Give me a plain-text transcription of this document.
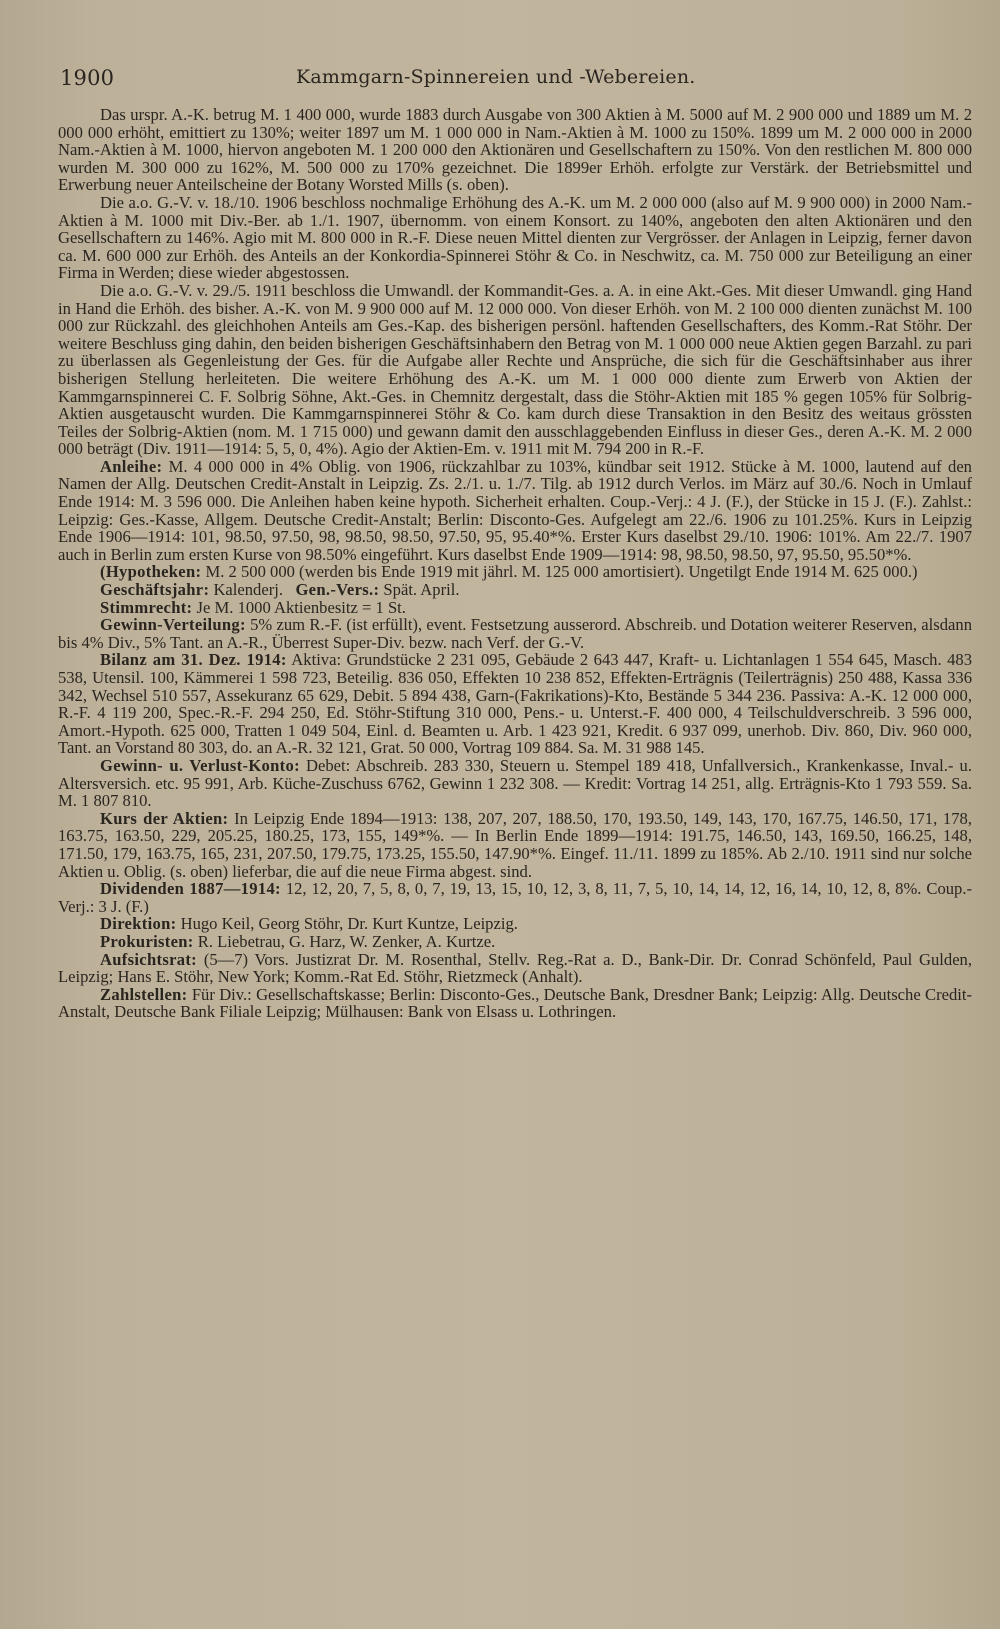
1900	Kammgarn-Spinnereien und -Webereien.

Das urspr. A.-K. betrug M. 1 400 000, wurde 1883 durch Ausgabe von 300 Aktien à M. 5000 auf M. 2 900 000 und 1889 um M. 2 000 000 erhöht, emittiert zu 130%; weiter 1897 um M. 1 000 000 in Nam.-Aktien à M. 1000 zu 150%. 1899 um M. 2 000 000 in 2000 Nam.-Aktien à M. 1000, hiervon angeboten M. 1 200 000 den Aktionären und Gesellschaftern zu 150%. Von den restlichen M. 800 000 wurden M. 300 000 zu 162%, M. 500 000 zu 170% gezeichnet. Die 1899er Erhöh. erfolgte zur Verstärk. der Betriebsmittel und Erwerbung neuer Anteilscheine der Botany Worsted Mills (s. oben).

Die a.o. G.-V. v. 18./10. 1906 beschloss nochmalige Erhöhung des A.-K. um M. 2 000 000 (also auf M. 9 900 000) in 2000 Nam.-Aktien à M. 1000 mit Div.-Ber. ab 1./1. 1907, übernomm. von einem Konsort. zu 140%, angeboten den alten Aktionären und den Gesellschaftern zu 146%. Agio mit M. 800 000 in R.-F. Diese neuen Mittel dienten zur Vergrösser. der Anlagen in Leipzig, ferner davon ca. M. 600 000 zur Erhöh. des Anteils an der Konkordia-Spinnerei Stöhr & Co. in Neschwitz, ca. M. 750 000 zur Beteiligung an einer Firma in Werden; diese wieder abgestossen.

Die a.o. G.-V. v. 29./5. 1911 beschloss die Umwandl. der Kommandit-Ges. a. A. in eine Akt.-Ges. Mit dieser Umwandl. ging Hand in Hand die Erhöh. des bisher. A.-K. von M. 9 900 000 auf M. 12 000 000. Von dieser Erhöh. von M. 2 100 000 dienten zunächst M. 100 000 zur Rückzahl. des gleichhohen Anteils am Ges.-Kap. des bisherigen persönl. haftenden Gesellschafters, des Komm.-Rat Stöhr. Der weitere Beschluss ging dahin, den beiden bisherigen Geschäftsinhabern den Betrag von M. 1 000 000 neue Aktien gegen Barzahl. zu pari zu überlassen als Gegenleistung der Ges. für die Aufgabe aller Rechte und Ansprüche, die sich für die Geschäftsinhaber aus ihrer bisherigen Stellung herleiteten. Die weitere Erhöhung des A.-K. um M. 1 000 000 diente zum Erwerb von Aktien der Kammgarnspinnerei C. F. Solbrig Söhne, Akt.-Ges. in Chemnitz dergestalt, dass die Stöhr-Aktien mit 185 % gegen 105% für Solbrig-Aktien ausgetauscht wurden. Die Kammgarnspinnerei Stöhr & Co. kam durch diese Transaktion in den Besitz des weitaus grössten Teiles der Solbrig-Aktien (nom. M. 1 715 000) und gewann damit den ausschlaggebenden Einfluss in dieser Ges., deren A.-K. M. 2 000 000 beträgt (Div. 1911—1914: 5, 5, 0, 4%). Agio der Aktien-Em. v. 1911 mit M. 794 200 in R.-F.

Anleihe: M. 4 000 000 in 4% Oblig. von 1906, rückzahlbar zu 103%, kündbar seit 1912. Stücke à M. 1000, lautend auf den Namen der Allg. Deutschen Credit-Anstalt in Leipzig. Zs. 2./1. u. 1./7. Tilg. ab 1912 durch Verlos. im März auf 30./6. Noch in Umlauf Ende 1914: M. 3 596 000. Die Anleihen haben keine hypoth. Sicherheit erhalten. Coup.-Verj.: 4 J. (F.), der Stücke in 15 J. (F.). Zahlst.: Leipzig: Ges.-Kasse, Allgem. Deutsche Credit-Anstalt; Berlin: Disconto-Ges. Aufgelegt am 22./6. 1906 zu 101.25%. Kurs in Leipzig Ende 1906—1914: 101, 98.50, 97.50, 98, 98.50, 98.50, 97.50, 95, 95.40*%. Erster Kurs daselbst 29./10. 1906: 101%. Am 22./7. 1907 auch in Berlin zum ersten Kurse von 98.50% eingeführt. Kurs daselbst Ende 1909—1914: 98, 98.50, 98.50, 97, 95.50, 95.50*%.

(Hypotheken: M. 2 500 000 (werden bis Ende 1919 mit jährl. M. 125 000 amortisiert). Ungetilgt Ende 1914 M. 625 000.)

Geschäftsjahr: Kalenderj. Gen.-Vers.: Spät. April.

Stimmrecht: Je M. 1000 Aktienbesitz = 1 St.

Gewinn-Verteilung: 5% zum R.-F. (ist erfüllt), event. Festsetzung ausserord. Abschreib. und Dotation weiterer Reserven, alsdann bis 4% Div., 5% Tant. an A.-R., Überrest Super-Div. bezw. nach Verf. der G.-V.

Bilanz am 31. Dez. 1914: Aktiva: Grundstücke 2 231 095, Gebäude 2 643 447, Kraft- u. Lichtanlagen 1 554 645, Masch. 483 538, Utensil. 100, Kämmerei 1 598 723, Beteilig. 836 050, Effekten 10 238 852, Effekten-Erträgnis (Teilerträgnis) 250 488, Kassa 336 342, Wechsel 510 557, Assekuranz 65 629, Debit. 5 894 438, Garn-(Fakrikations)-Kto, Bestände 5 344 236. Passiva: A.-K. 12 000 000, R.-F. 4 119 200, Spec.-R.-F. 294 250, Ed. Stöhr-Stiftung 310 000, Pens.- u. Unterst.-F. 400 000, 4 Teilschuldverschreib. 3 596 000, Amort.-Hypoth. 625 000, Tratten 1 049 504, Einl. d. Beamten u. Arb. 1 423 921, Kredit. 6 937 099, unerhob. Div. 860, Div. 960 000, Tant. an Vorstand 80 303, do. an A.-R. 32 121, Grat. 50 000, Vortrag 109 884. Sa. M. 31 988 145.

Gewinn- u. Verlust-Konto: Debet: Abschreib. 283 330, Steuern u. Stempel 189 418, Unfallversich., Krankenkasse, Inval.- u. Altersversich. etc. 95 991, Arb. Küche-Zuschuss 6762, Gewinn 1 232 308. — Kredit: Vortrag 14 251, allg. Erträgnis-Kto 1 793 559. Sa. M. 1 807 810.

Kurs der Aktien: In Leipzig Ende 1894—1913: 138, 207, 207, 188.50, 170, 193.50, 149, 143, 170, 167.75, 146.50, 171, 178, 163.75, 163.50, 229, 205.25, 180.25, 173, 155, 149*%. — In Berlin Ende 1899—1914: 191.75, 146.50, 143, 169.50, 166.25, 148, 171.50, 179, 163.75, 165, 231, 207.50, 179.75, 173.25, 155.50, 147.90*%. Eingef. 11./11. 1899 zu 185%. Ab 2./10. 1911 sind nur solche Aktien u. Oblig. (s. oben) lieferbar, die auf die neue Firma abgest. sind.

Dividenden 1887—1914: 12, 12, 20, 7, 5, 8, 0, 7, 19, 13, 15, 10, 12, 3, 8, 11, 7, 5, 10, 14, 14, 12, 16, 14, 10, 12, 8, 8%. Coup.-Verj.: 3 J. (F.)

Direktion: Hugo Keil, Georg Stöhr, Dr. Kurt Kuntze, Leipzig.

Prokuristen: R. Liebetrau, G. Harz, W. Zenker, A. Kurtze.

Aufsichtsrat: (5—7) Vors. Justizrat Dr. M. Rosenthal, Stellv. Reg.-Rat a. D., Bank-Dir. Dr. Conrad Schönfeld, Paul Gulden, Leipzig; Hans E. Stöhr, New York; Komm.-Rat Ed. Stöhr, Rietzmeck (Anhalt).

Zahlstellen: Für Div.: Gesellschaftskasse; Berlin: Disconto-Ges., Deutsche Bank, Dresdner Bank; Leipzig: Allg. Deutsche Credit-Anstalt, Deutsche Bank Filiale Leipzig; Mülhausen: Bank von Elsass u. Lothringen.
